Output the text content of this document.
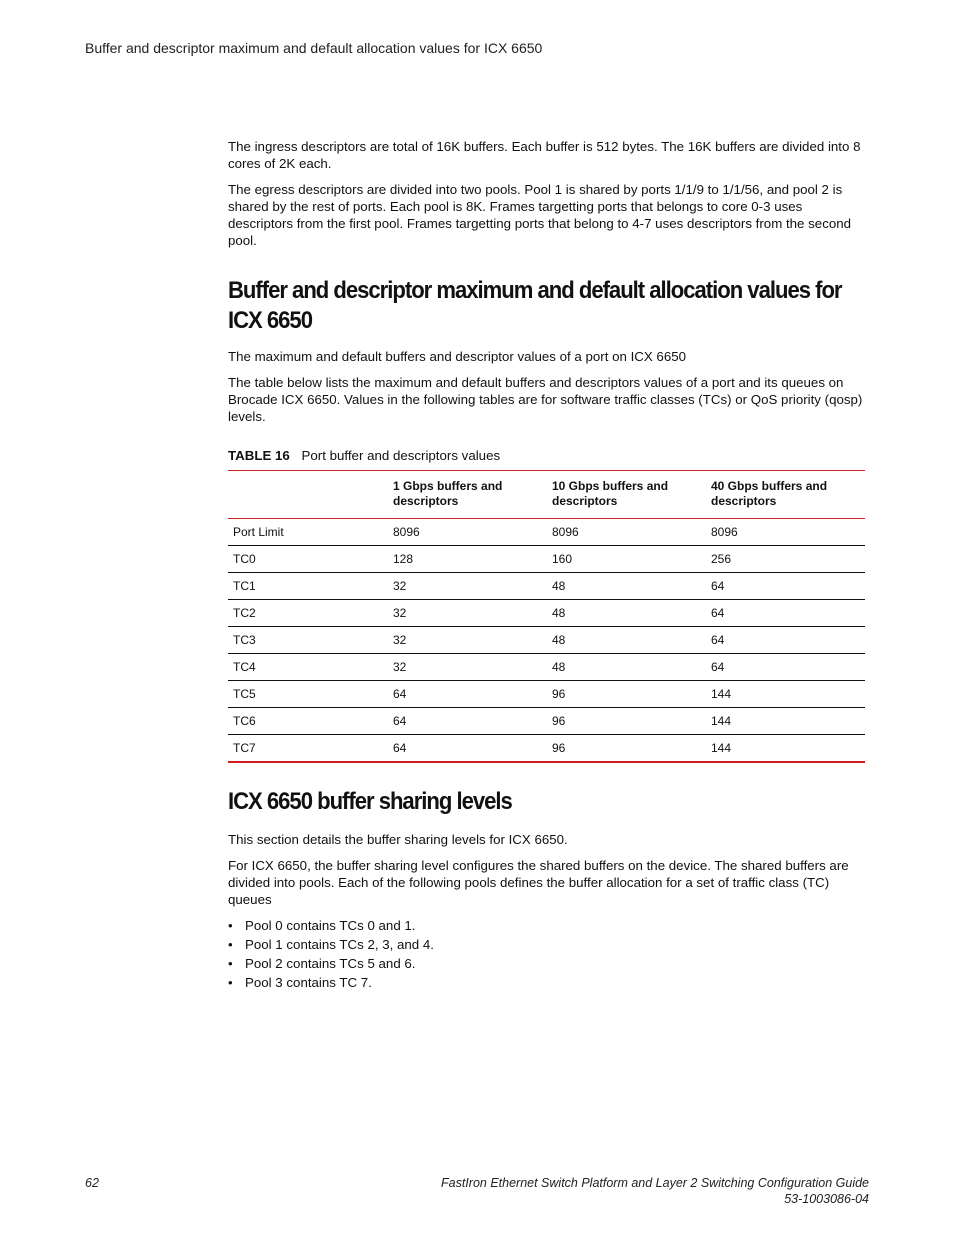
Buffer and descriptor maximum and default allocation values for ICX 6650

The ingress descriptors are total of 16K buffers. Each buffer is 512 bytes. The 16K buffers are divided into 8 cores of 2K each.

The egress descriptors are divided into two pools. Pool 1 is shared by ports 1/1/9 to 1/1/56, and pool 2 is shared by the rest of ports. Each pool is 8K. Frames targetting ports that belongs to core 0-3 uses descriptors from the first pool. Frames targetting ports that belong to 4-7 uses descriptors from the second pool.

Buffer and descriptor maximum and default allocation values for ICX 6650

The maximum and default buffers and descriptor values of a port on ICX 6650

The table below lists the maximum and default buffers and descriptors values of a port and its queues on Brocade ICX 6650. Values in the following tables are for software traffic classes (TCs) or QoS priority (qosp) levels.

TABLE 16 Port buffer and descriptors values
	1 Gbps buffers and descriptors	10 Gbps buffers and descriptors	40 Gbps buffers and descriptors
Port Limit	8096	8096	8096
TC0	128	160	256
TC1	32	48	64
TC2	32	48	64
TC3	32	48	64
TC4	32	48	64
TC5	64	96	144
TC6	64	96	144
TC7	64	96	144
ICX 6650 buffer sharing levels

This section details the buffer sharing levels for ICX 6650.

For ICX 6650, the buffer sharing level configures the shared buffers on the device. The shared buffers are divided into pools. Each of the following pools defines the buffer allocation for a set of traffic class (TC) queues

• Pool 0 contains TCs 0 and 1.
• Pool 1 contains TCs 2, 3, and 4.
• Pool 2 contains TCs 5 and 6.
• Pool 3 contains TC 7.
62	FastIron Ethernet Switch Platform and Layer 2 Switching Configuration Guide
53-1003086-04
